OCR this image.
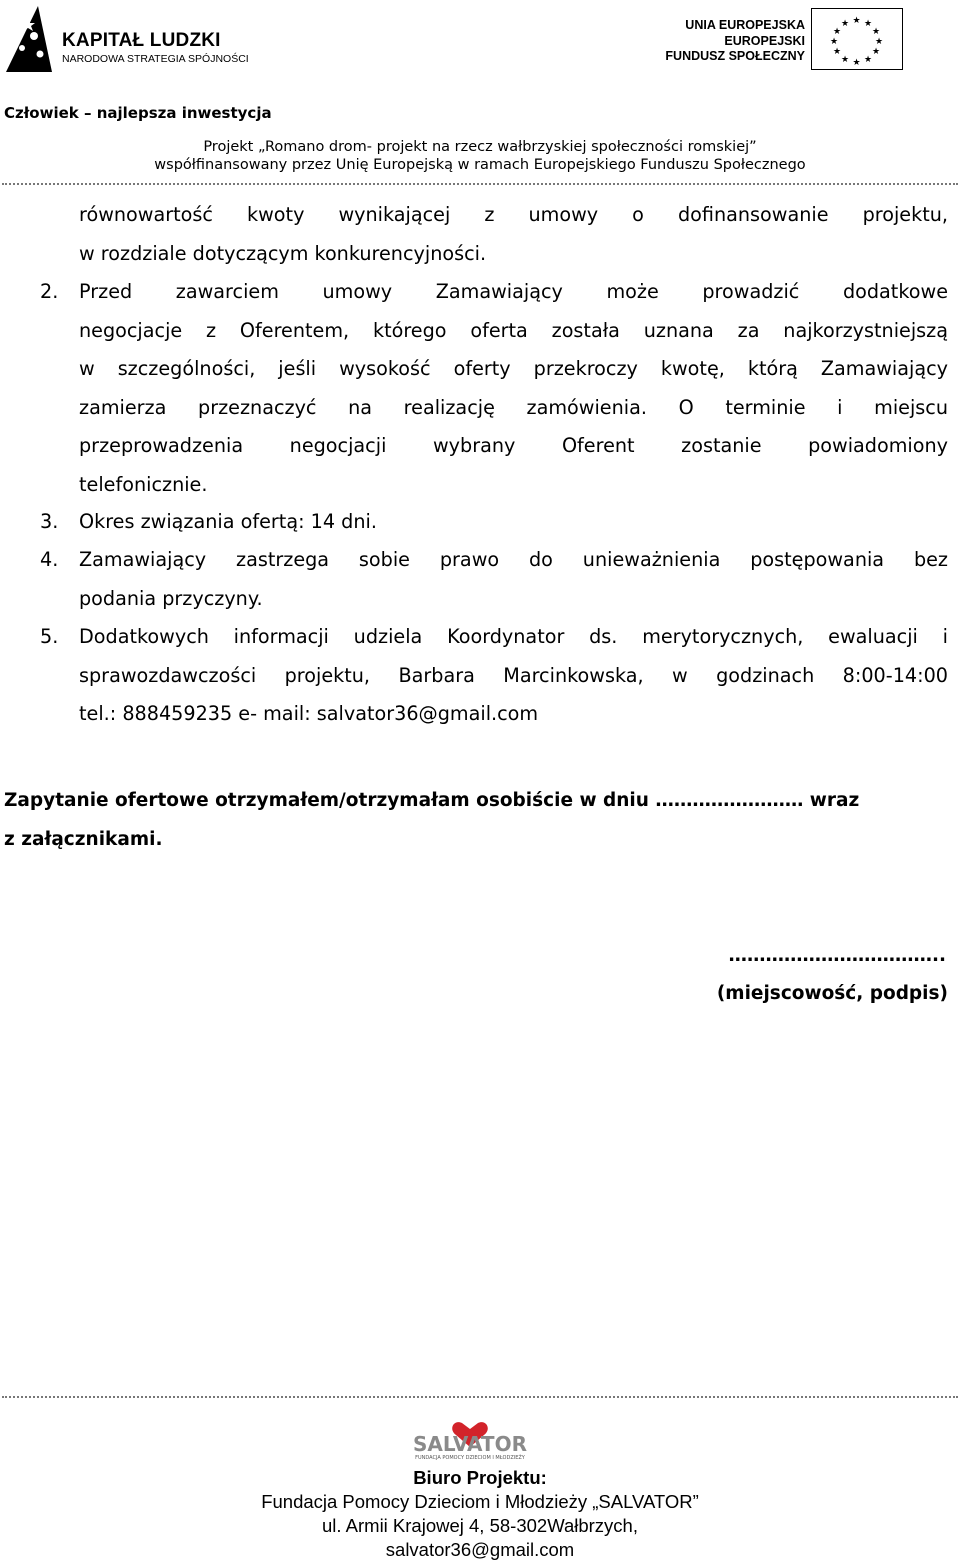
KAPITAŁ LUDZKI
NARODOWA STRATEGIA SPÓJNOŚCI
UNIA EUROPEJSKA
EUROPEJSKI
FUNDUSZ SPOŁECZNY
★ ★
★
★
★
★
★
★
★
★
★
★
Człowiek – najlepsza inwestycja
Projekt „Romano drom- projekt na rzecz wałbrzyskiej społeczności romskiej”
współfinansowany przez Unię Europejską w ramach Europejskiego Funduszu Społecznego
równowartość kwoty wynikającej z umowy o dofinansowanie projektu,
w rozdziale dotyczącym konkurencyjności.
2. Przed zawarciem umowy Zamawiający może prowadzić dodatkowe
negocjacje z Oferentem, którego oferta została uznana za najkorzystniejszą
w szczególności, jeśli wysokość oferty przekroczy kwotę, którą Zamawiający
zamierza przeznaczyć na realizację zamówienia. O terminie i miejscu
przeprowadzenia negocjacji wybrany Oferent zostanie powiadomiony
telefonicznie.
3. Okres związania ofertą: 14 dni.
4. Zamawiający zastrzega sobie prawo do unieważnienia postępowania bez
podania przyczyny.
5. Dodatkowych informacji udziela Koordynator ds. merytorycznych, ewaluacji i
sprawozdawczości projektu, Barbara Marcinkowska, w godzinach 8:00-14:00
tel.: 888459235 e- mail: salvator36@gmail.com
Zapytanie ofertowe otrzymałem/otrzymałam osobiście w dniu …………………… wraz
z załącznikami.
……………………………..
(miejscowość, podpis)
SALVATOR
FUNDACJA POMOCY DZIECIOM I MŁODZIEŻY
Biuro Projektu:
Fundacja Pomocy Dzieciom i Młodzieży „SALVATOR”
ul. Armii Krajowej 4, 58-302Wałbrzych,
salvator36@gmail.com
